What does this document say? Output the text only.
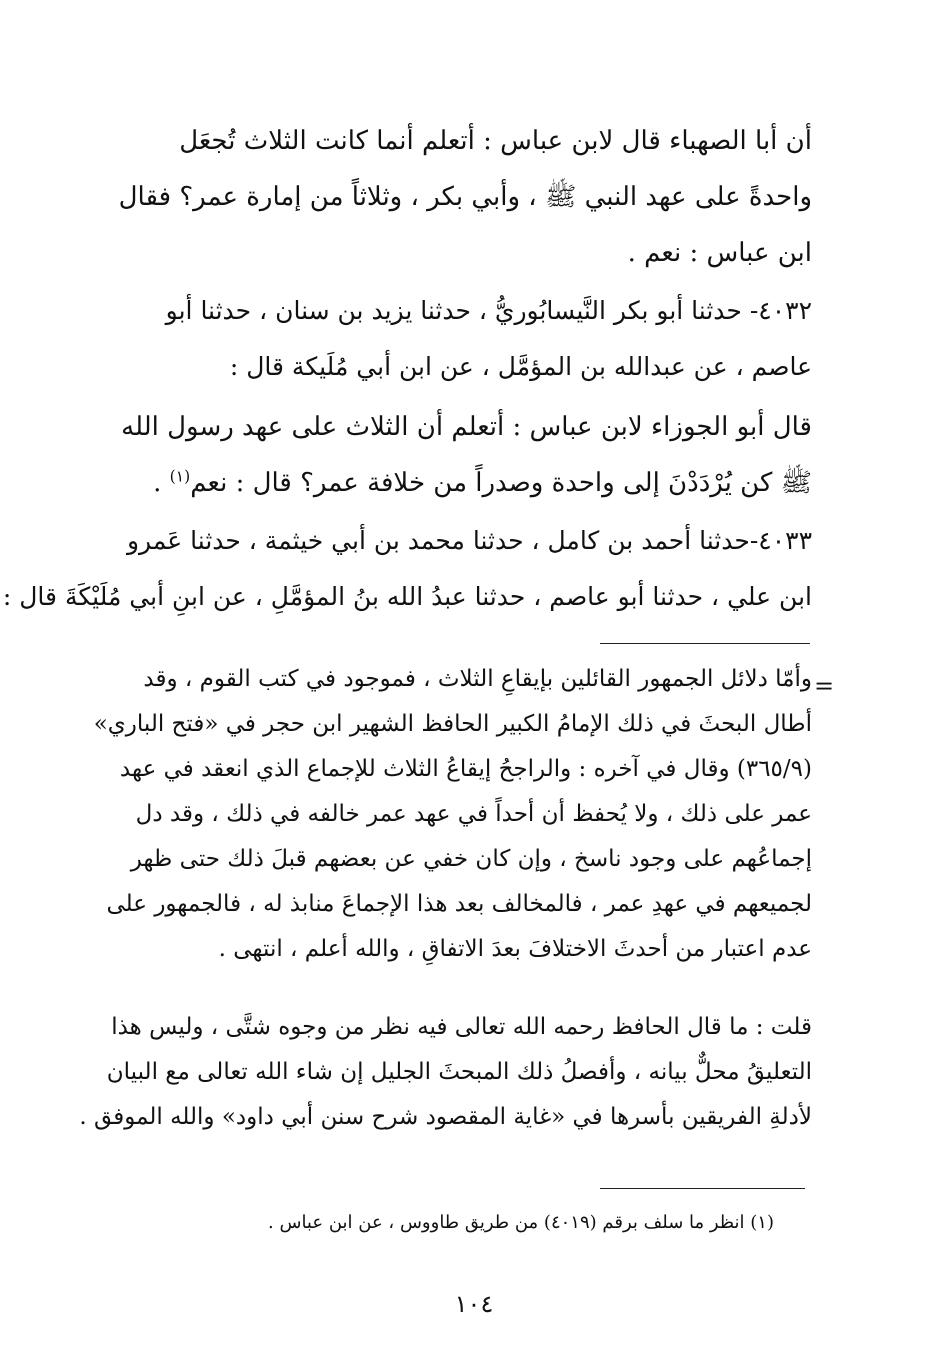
أن أبا الصهباء قال لابن عباس : أتعلم أنما كانت الثلاث تُجعَل
واحدةً على عهد النبي ﷺ ، وأبي بكر ، وثلاثاً من إمارة عمر؟ فقال
ابن عباس : نعم .
٤٠٣٢- حدثنا أبو بكر النَّيسابُوريُّ ، حدثنا يزيد بن سنان ، حدثنا أبو
عاصم ، عن عبدالله بن المؤمَّل ، عن ابن أبي مُلَيكة قال :
قال أبو الجوزاء لابن عباس : أتعلم أن الثلاث على عهد رسول الله
ﷺ كن يُرْدَدْنَ إلى واحدة وصدراً من خلافة عمر؟ قال : نعم$^{(١)}$ .
٤٠٣٣-حدثنا أحمد بن كامل ، حدثنا محمد بن أبي خيثمة ، حدثنا عَمرو
ابن علي ، حدثنا أبو عاصم ، حدثنا عبدُ الله بنُ المؤمَّلِ ، عن ابنِ أبي مُلَيْكَةَ قال :
=
وأمّا دلائل الجمهور القائلين بإيقاعِ الثلاث ، فموجود في كتب القوم ، وقد
أطال البحثَ في ذلك الإمامُ الكبير الحافظ الشهير ابن حجر في «فتح الباري»
(٣٦٥/٩) وقال في آخره : والراجحُ إيقاعُ الثلاث للإجماع الذي انعقد في عهد
عمر على ذلك ، ولا يُحفظ أن أحداً في عهد عمر خالفه في ذلك ، وقد دل
إجماعُهم على وجود ناسخ ، وإن كان خفي عن بعضهم قبلَ ذلك حتى ظهر
لجميعهم في عهدِ عمر ، فالمخالف بعد هذا الإجماعَ منابذ له ، فالجمهور على
عدم اعتبار من أحدثَ الاختلافَ بعدَ الاتفاقِ ، والله أعلم ، انتهى .
قلت : ما قال الحافظ رحمه الله تعالى فيه نظر من وجوه شتَّى ، وليس هذا
التعليقُ محلٌّ بيانه ، وأفصلُ ذلك المبحثَ الجليل إن شاء الله تعالى مع البيان
لأدلةِ الفريقين بأسرها في «غاية المقصود شرح سنن أبي داود» والله الموفق .
(١) انظر ما سلف برقم (٤٠١٩) من طريق طاووس ، عن ابن عباس .
١٠٤
